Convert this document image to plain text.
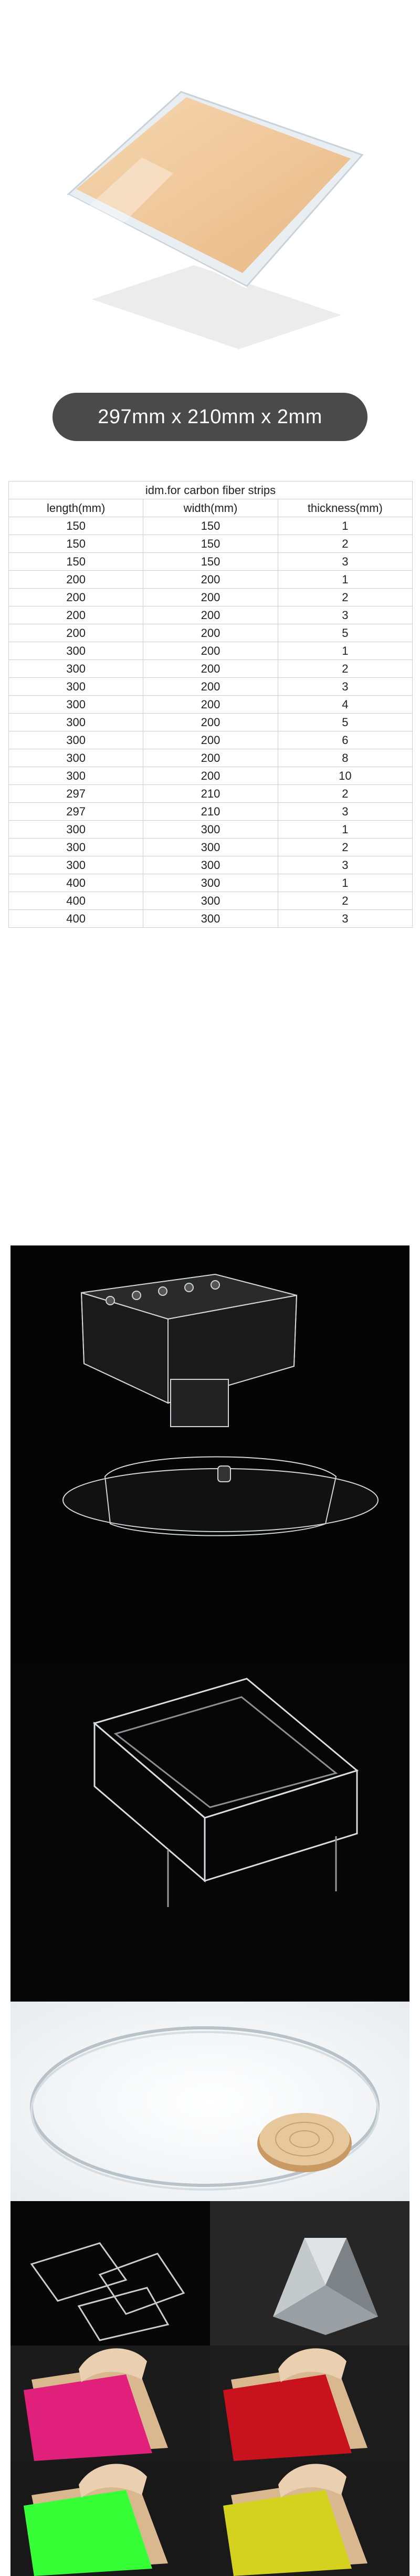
297mm x 210mm x 2mm
idm.for carbon fiber strips		
length(mm)	width(mm)	thickness(mm)
150	150	1
150	150	2
150	150	3
200	200	1
200	200	2
200	200	3
200	200	5
300	200	1
300	200	2
300	200	3
300	200	4
300	200	5
300	200	6
300	200	8
300	200	10
297	210	2
297	210	3
300	300	1
300	300	2
300	300	3
400	300	1
400	300	2
400	300	3
